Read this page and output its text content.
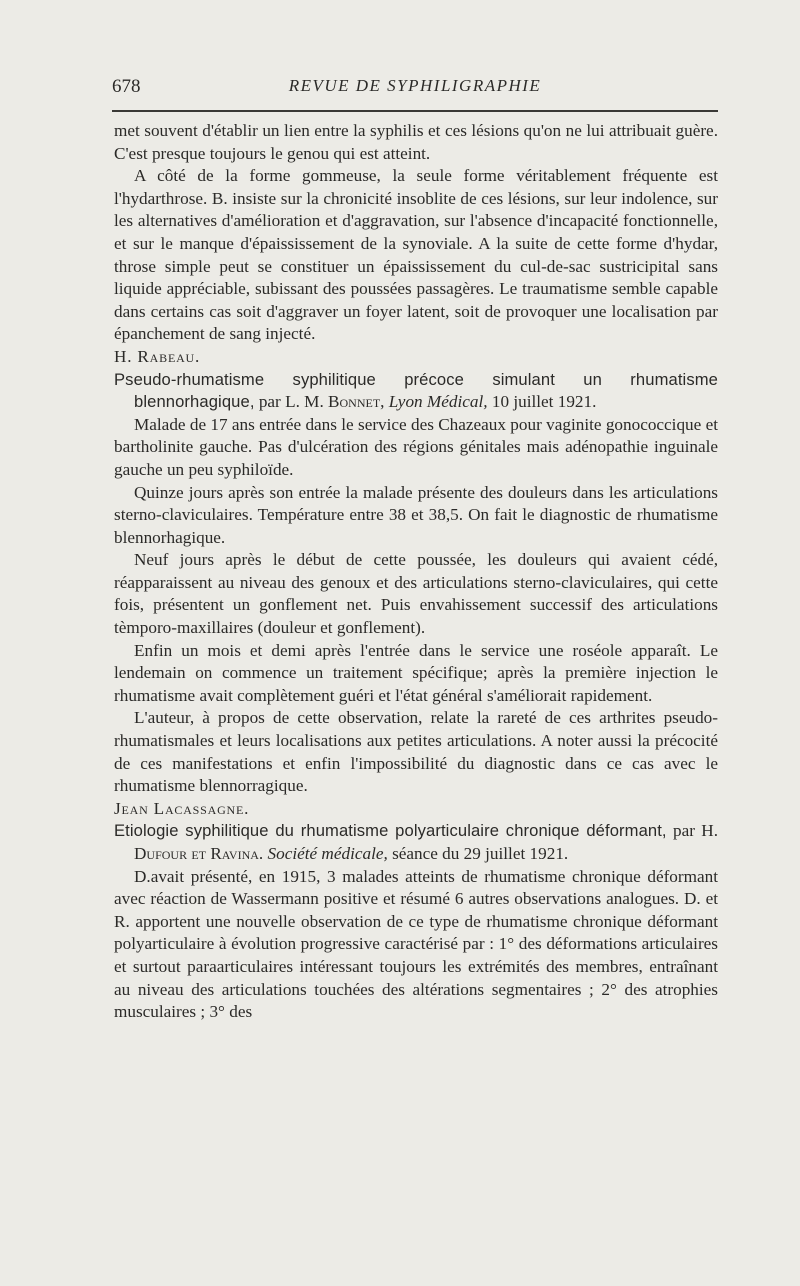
678	REVUE DE SYPHILIGRAPHIE

met souvent d'établir un lien entre la syphilis et ces lésions qu'on ne lui attribuait guère. C'est presque toujours le genou qui est atteint.

A côté de la forme gommeuse, la seule forme véritablement fréquente est l'hydarthrose. B. insiste sur la chronicité insoblite de ces lésions, sur leur indolence, sur les alternatives d'amélioration et d'aggravation, sur l'absence d'incapacité fonctionnelle, et sur le manque d'épaississement de la synoviale. A la suite de cette forme d'hydar, throse simple peut se constituer un épaississement du cul-de-sac sustricipital sans liquide appréciable, subissant des poussées passagères. Le traumatisme semble capable dans certains cas soit d'aggraver un foyer latent, soit de provoquer une localisation par épanchement de sang injecté.

H. Rabeau.

Pseudo-rhumatisme syphilitique précoce simulant un rhumatisme blennorhagique, par L. M. Bonnet, Lyon Médical, 10 juillet 1921.

Malade de 17 ans entrée dans le service des Chazeaux pour vaginite gonococcique et bartholinite gauche. Pas d'ulcération des régions génitales mais adénopathie inguinale gauche un peu syphiloïde.

Quinze jours après son entrée la malade présente des douleurs dans les articulations sterno-claviculaires. Température entre 38 et 38,5. On fait le diagnostic de rhumatisme blennorhagique.

Neuf jours après le début de cette poussée, les douleurs qui avaient cédé, réapparaissent au niveau des genoux et des articulations sterno-claviculaires, qui cette fois, présentent un gonflement net. Puis envahissement successif des articulations tèmporo-maxillaires (douleur et gonflement).

Enfin un mois et demi après l'entrée dans le service une roséole apparaît. Le lendemain on commence un traitement spécifique; après la première injection le rhumatisme avait complètement guéri et l'état général s'améliorait rapidement.

L'auteur, à propos de cette observation, relate la rareté de ces arthrites pseudo-rhumatismales et leurs localisations aux petites articulations. A noter aussi la précocité de ces manifestations et enfin l'impossibilité du diagnostic dans ce cas avec le rhumatisme blennorragique.

Jean Lacassagne.

Etiologie syphilitique du rhumatisme polyarticulaire chronique déformant, par H. Dufour et Ravina. Société médicale, séance du 29 juillet 1921.

D.avait présenté, en 1915, 3 malades atteints de rhumatisme chronique déformant avec réaction de Wassermann positive et résumé 6 autres observations analogues. D. et R. apportent une nouvelle observation de ce type de rhumatisme chronique déformant polyarticulaire à évolution progressive caractérisé par : 1° des déformations articulaires et surtout paraarticulaires intéressant toujours les extrémités des membres, entraînant au niveau des articulations touchées des altérations segmentaires ; 2° des atrophies musculaires ; 3° des
